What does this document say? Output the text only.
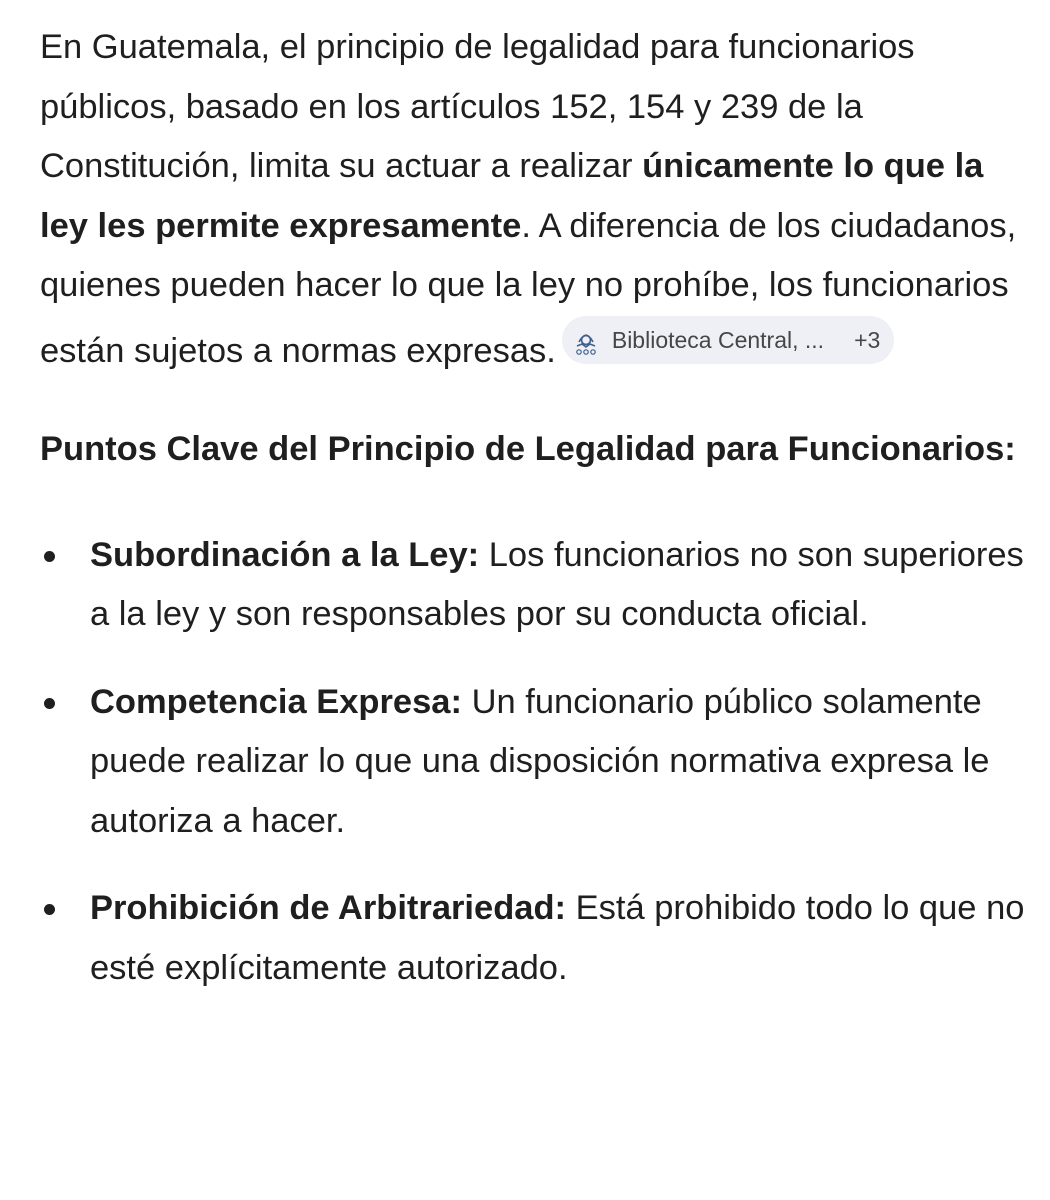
En Guatemala, el principio de legalidad para funcionarios públicos, basado en los artículos 152, 154 y 239 de la Constitución, limita su actuar a realizar únicamente lo que la ley les permite expresamente. A diferencia de los ciudadanos, quienes pueden hacer lo que la ley no prohíbe, los funcionarios están sujetos a normas expresas. Biblioteca Central, ... +3

Puntos Clave del Principio de Legalidad para Funcionarios:
Subordinación a la Ley: Los funcionarios no son superiores a la ley y son responsables por su conducta oficial.
Competencia Expresa: Un funcionario público solamente puede realizar lo que una disposición normativa expresa le autoriza a hacer.
Prohibición de Arbitrariedad: Está prohibido todo lo que no esté explícitamente autorizado.
